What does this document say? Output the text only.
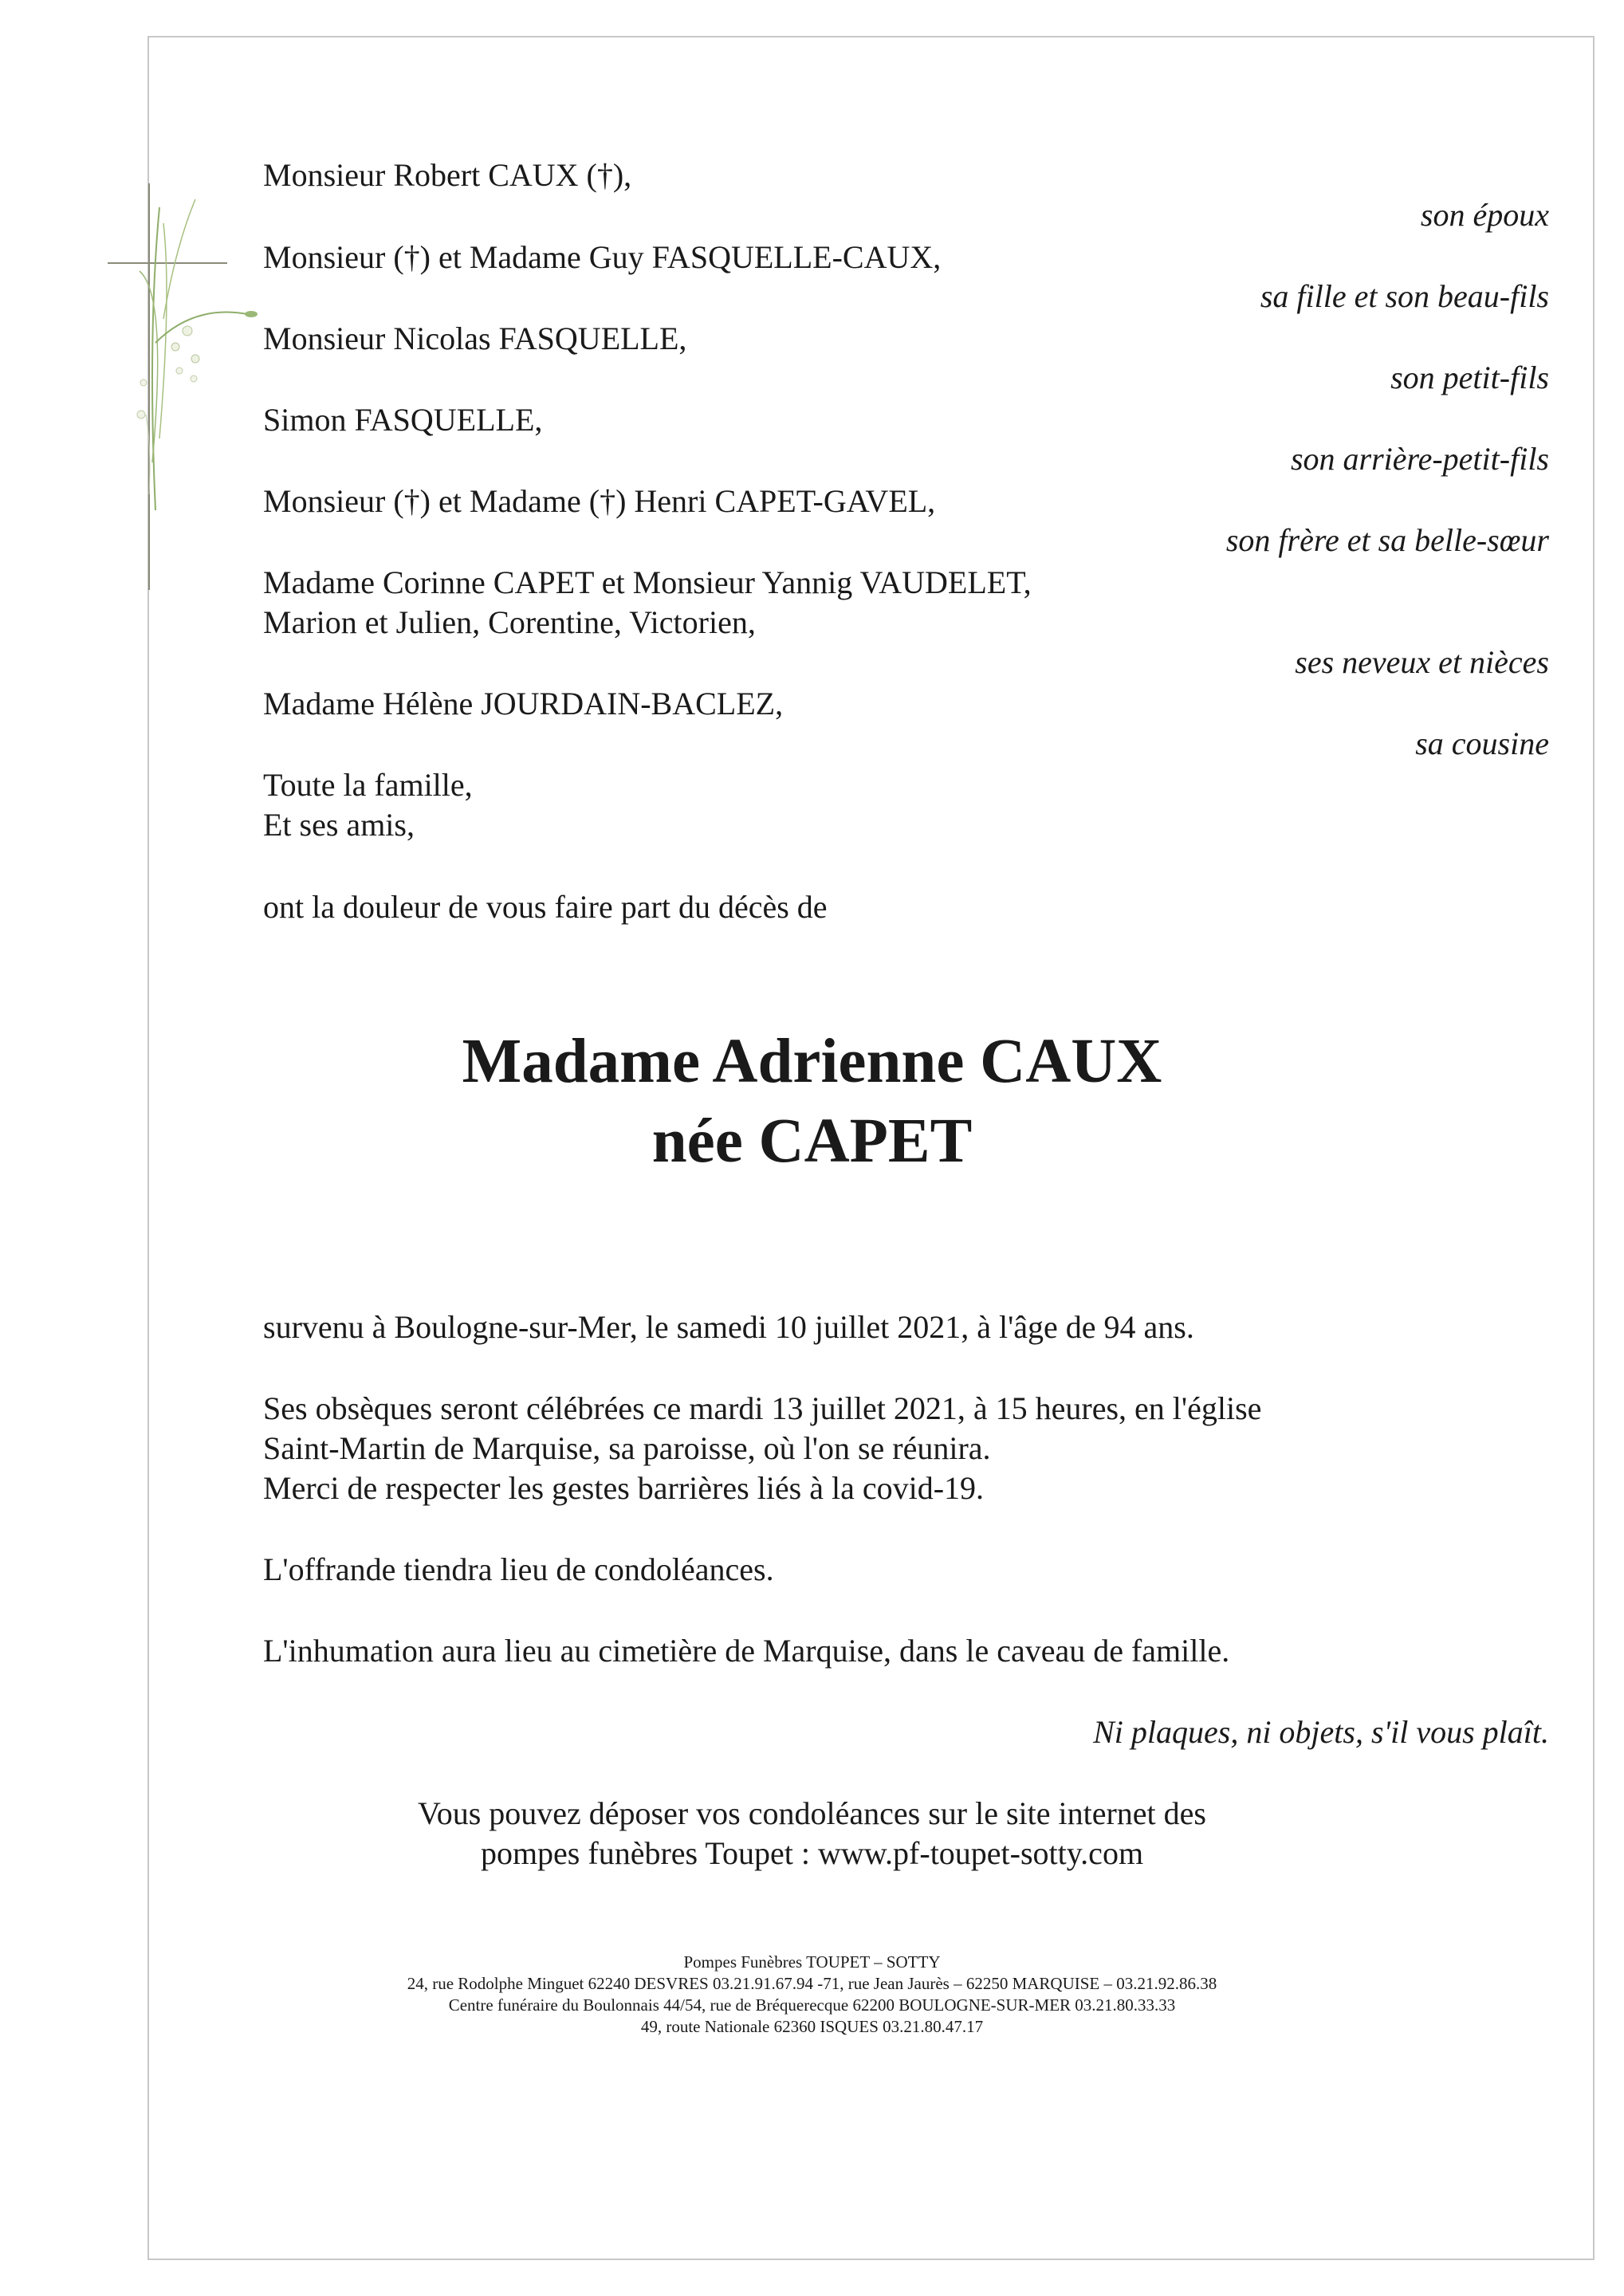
Monsieur Robert CAUX (†),
Monsieur (†) et Madame Guy FASQUELLE-CAUX,
Monsieur Nicolas FASQUELLE,
Simon FASQUELLE,
Monsieur (†) et Madame (†) Henri CAPET-GAVEL,
Madame Corinne CAPET et Monsieur Yannig VAUDELET,
Marion et Julien, Corentine, Victorien,
Madame Hélène JOURDAIN-BACLEZ,
Toute la famille,
Et ses amis,
son époux
sa fille et son beau-fils
son petit-fils
son arrière-petit-fils
son frère et sa belle-sœur
ses neveux et nièces
sa cousine
ont la douleur de vous faire part du décès de
Madame Adrienne CAUX
née CAPET
survenu à Boulogne-sur-Mer, le samedi 10 juillet 2021, à l'âge de 94 ans.
Ses obsèques seront célébrées ce mardi 13 juillet 2021, à 15 heures, en l'église
Saint-Martin de Marquise, sa paroisse, où l'on se réunira.
Merci de respecter les gestes barrières liés à la covid-19.
L'offrande tiendra lieu de condoléances.
L'inhumation aura lieu au cimetière de Marquise, dans le caveau de famille.
Ni plaques, ni objets, s'il vous plaît.
Vous pouvez déposer vos condoléances sur le site internet des
pompes funèbres Toupet : www.pf-toupet-sotty.com
Pompes Funèbres TOUPET – SOTTY
24, rue Rodolphe Minguet 62240 DESVRES 03.21.91.67.94 -71, rue Jean Jaurès – 62250 MARQUISE – 03.21.92.86.38
Centre funéraire du Boulonnais 44/54, rue de Bréquerecque 62200 BOULOGNE-SUR-MER 03.21.80.33.33
49, route Nationale 62360 ISQUES 03.21.80.47.17
